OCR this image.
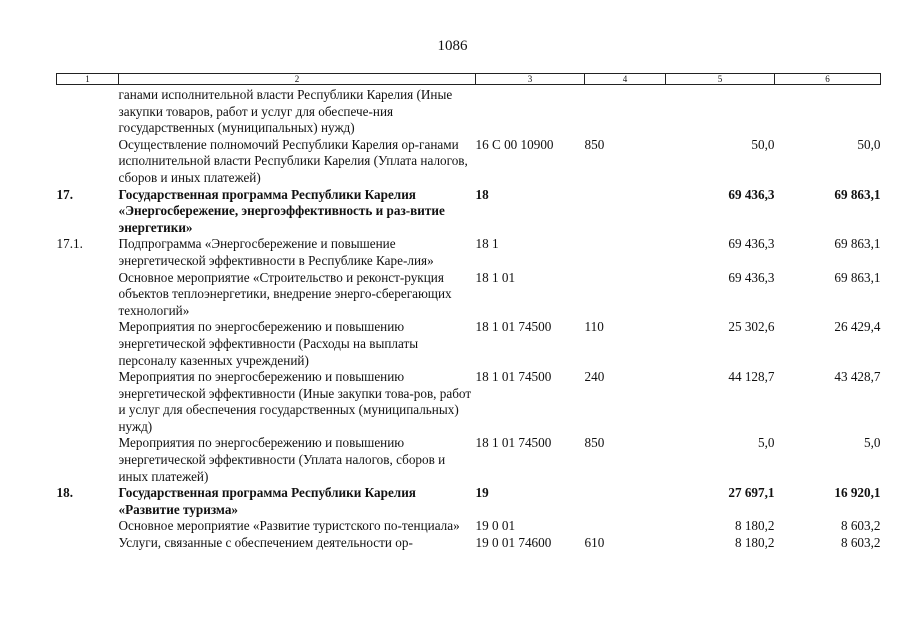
1086
1	2	3	4	5	6
	ганами исполнительной власти Республики Карелия (Иные закупки товаров, работ и услуг для обеспече-ния государственных (муниципальных) нужд)				
	Осуществление полномочий Республики Карелия ор-ганами исполнительной власти Республики Карелия (Уплата налогов, сборов и иных платежей)	16 С 00 10900	850	50,0	50,0
17.	Государственная программа Республики Карелия «Энергосбережение, энергоэффективность и раз-витие энергетики»	18		69 436,3	69 863,1
17.1.	Подпрограмма «Энергосбережение и повышение энергетической эффективности в Республике Каре-лия»	18 1		69 436,3	69 863,1
	Основное мероприятие «Строительство и реконст-рукция объектов теплоэнергетики, внедрение энерго-сберегающих технологий»	18 1 01		69 436,3	69 863,1
	Мероприятия по энергосбережению и повышению энергетической эффективности (Расходы на выплаты персоналу казенных учреждений)	18 1 01 74500	110	25 302,6	26 429,4
	Мероприятия по энергосбережению и повышению энергетической эффективности (Иные закупки това-ров, работ и услуг для обеспечения государственных (муниципальных) нужд)	18 1 01 74500	240	44 128,7	43 428,7
	Мероприятия по энергосбережению и повышению энергетической эффективности (Уплата налогов, сборов и иных платежей)	18 1 01 74500	850	5,0	5,0
18.	Государственная программа Республики Карелия «Развитие туризма»	19		27 697,1	16 920,1
	Основное мероприятие «Развитие туристского по-тенциала»	19 0 01		8 180,2	8 603,2
	Услуги, связанные с обеспечением деятельности ор-	19 0 01 74600	610	8 180,2	8 603,2
